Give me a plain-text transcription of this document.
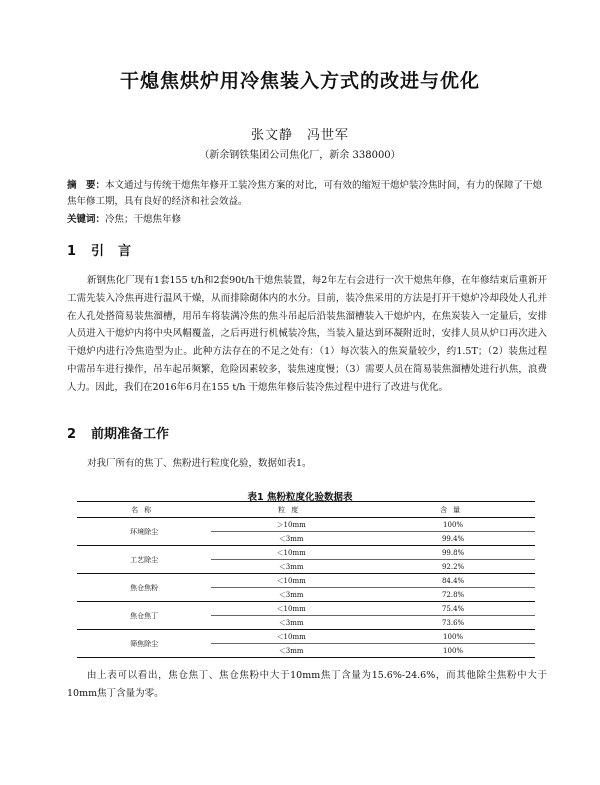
干熄焦烘炉用冷焦装入方式的改进与优化
张文静　冯世军
（新余钢铁集团公司焦化厂，新余 338000）
摘　要：本文通过与传统干熄焦年修开工装冷焦方案的对比，可有效的缩短干熄炉装冷焦时间，有力的保障了干熄焦年修工期，具有良好的经济和社会效益。
关键词：冷焦；干熄焦年修
1 引言
新钢焦化厂现有1套155 t/h和2套90t/h干熄焦装置，每2年左右会进行一次干熄焦年修，在年修结束后重新开工需先装入冷焦再进行温风干燥，从而排除砌体内的水分。目前，装冷焦采用的方法是打开干熄炉冷却段处人孔并在人孔处搭简易装焦溜槽，用吊车将装满冷焦的焦斗吊起后沿装焦溜槽装入干熄炉内，在焦炭装入一定量后，安排人员进入干熄炉内将中央风帽覆盖，之后再进行机械装冷焦，当装入量达到环凝附近时，安排人员从炉口再次进入干熄炉内进行冷焦造型为止。此种方法存在的不足之处有：（1）每次装入的焦炭量较少，约1.5T；（2）装焦过程中需吊车进行操作，吊车起吊频繁，危险因素较多，装焦速度慢；（3）需要人员在简易装焦溜槽处进行扒焦，浪费人力。因此，我们在2016年6月在155 t/h 干熄焦年修后装冷焦过程中进行了改进与优化。
2 前期准备工作
对我厂所有的焦丁、焦粉进行粒度化验，数据如表1。
表1 焦粉粒度化验数据表
名称	粒度	含量
环境除尘	＞10mm	100%
	＜3mm	99.4%
工艺除尘	＜10mm	99.8%
	＜3mm	92.2%
焦仓焦粉	＜10mm	84.4%
	＜3mm	72.8%
焦仓焦丁	＜10mm	75.4%
	＜3mm	73.6%
筛焦除尘	＜10mm	100%
	＜3mm	100%
由上表可以看出，焦仓焦丁、焦仓焦粉中大于10mm焦丁含量为15.6%-24.6%，而其他除尘焦粉中大于10mm焦丁含量为零。
